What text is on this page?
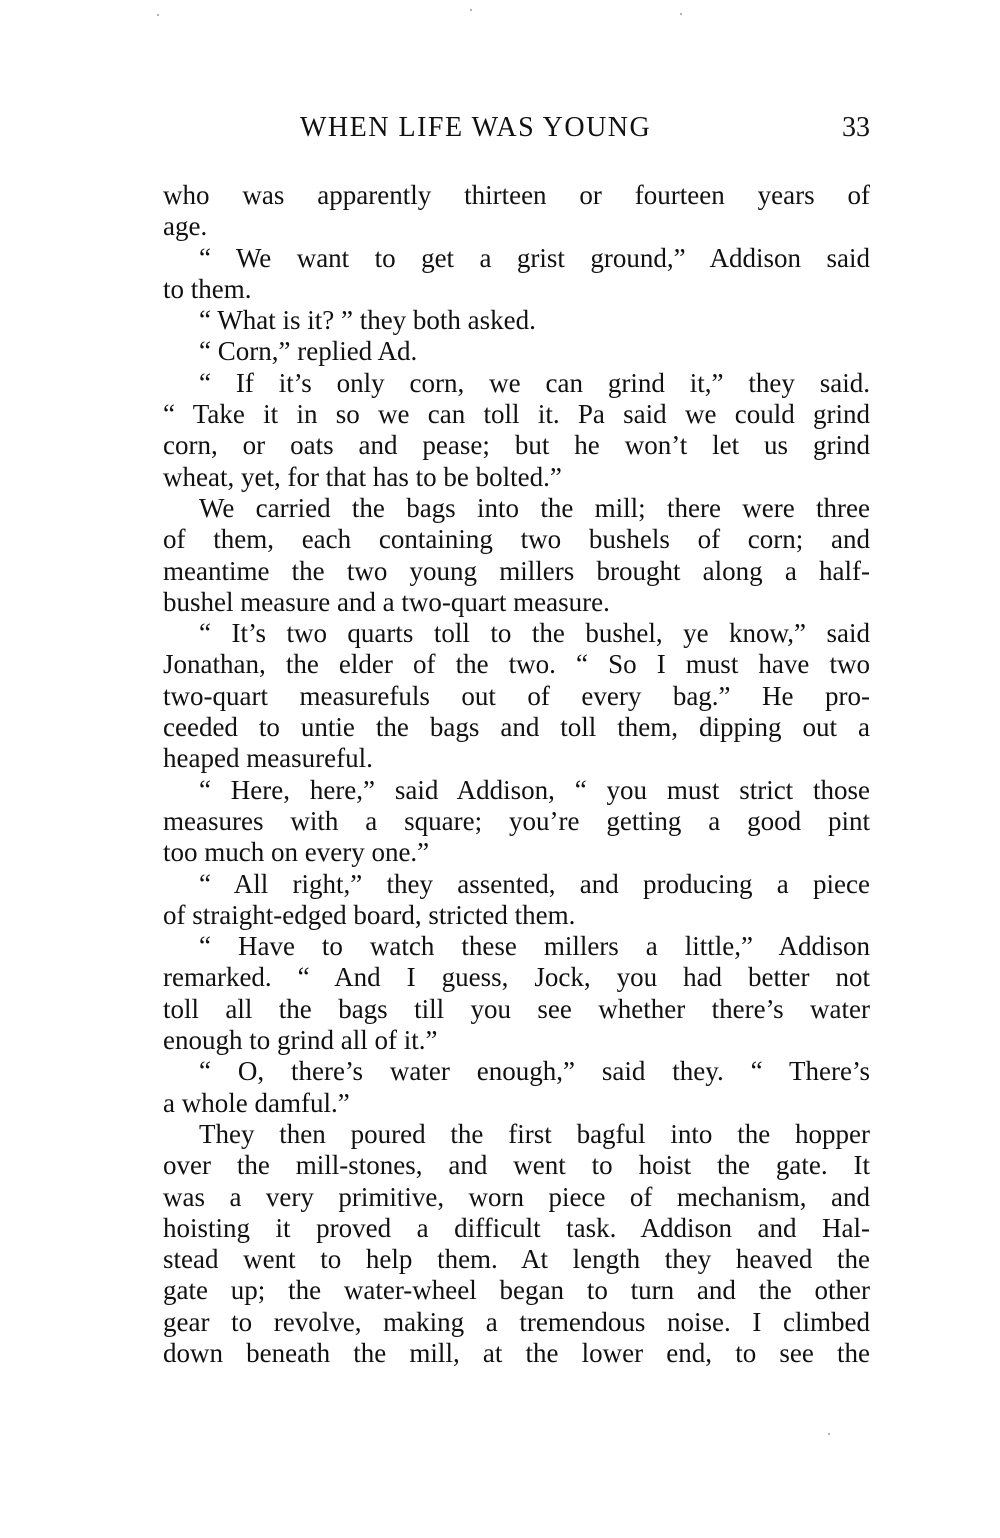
WHEN LIFE WAS YOUNG	33
who was apparently thirteen or fourteen years of
age.
“ We want to get a grist ground,” Addison said
to them.
“ What is it? ” they both asked.
“ Corn,” replied Ad.
“ If it’s only corn, we can grind it,” they said.
“ Take it in so we can toll it. Pa said we could grind
corn, or oats and pease; but he won’t let us grind
wheat, yet, for that has to be bolted.”
We carried the bags into the mill; there were three
of them, each containing two bushels of corn; and
meantime the two young millers brought along a half-
bushel measure and a two-quart measure.
“ It’s two quarts toll to the bushel, ye know,” said
Jonathan, the elder of the two. “ So I must have two
two-quart measurefuls out of every bag.” He pro-
ceeded to untie the bags and toll them, dipping out a
heaped measureful.
“ Here, here,” said Addison, “ you must strict those
measures with a square; you’re getting a good pint
too much on every one.”
“ All right,” they assented, and producing a piece
of straight-edged board, stricted them.
“ Have to watch these millers a little,” Addison
remarked. “ And I guess, Jock, you had better not
toll all the bags till you see whether there’s water
enough to grind all of it.”
“ O, there’s water enough,” said they. “ There’s
a whole damful.”
They then poured the first bagful into the hopper
over the mill-stones, and went to hoist the gate. It
was a very primitive, worn piece of mechanism, and
hoisting it proved a difficult task. Addison and Hal-
stead went to help them. At length they heaved the
gate up; the water-wheel began to turn and the other
gear to revolve, making a tremendous noise. I climbed
down beneath the mill, at the lower end, to see the
